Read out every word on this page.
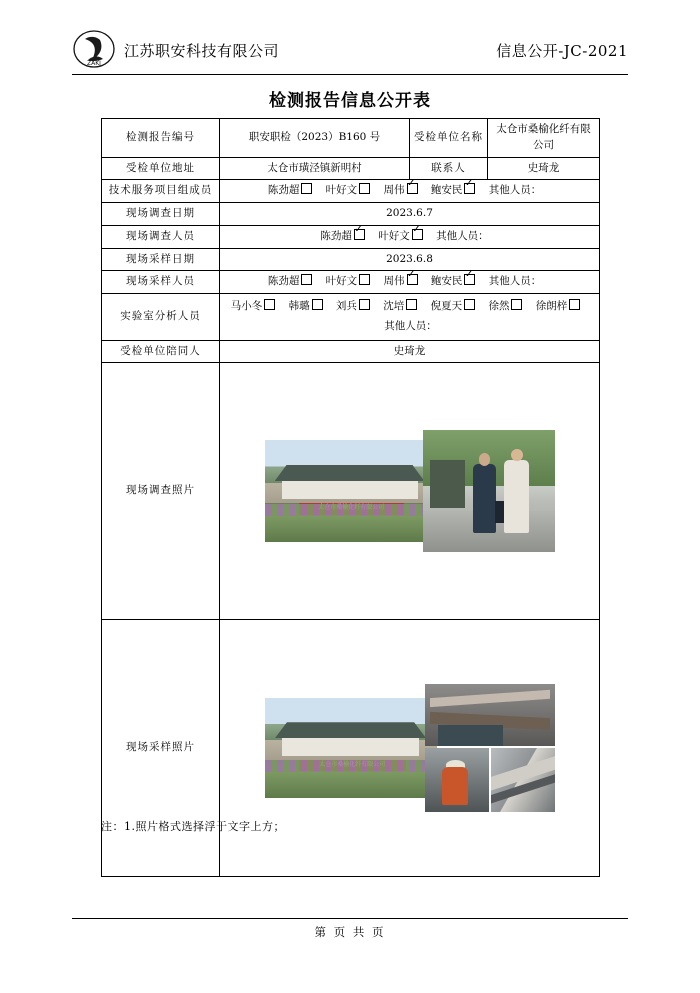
ZAKJ
江苏职安科技有限公司	信息公开-JC-2021
检测报告信息公开表
检测报告编号	职安职检（2023）B160 号	受检单位名称	太仓市桑榆化纤有限公司
受检单位地址	太仓市璜泾镇新明村	联系人	史琦龙
技术服务项目组成员	陈劲超 叶好文 周伟 ✓ 鲍安民 ✓ 其他人员：
现场调查日期	2023.6.7		
现场调查人员	陈劲超 ✓ 叶好文 ✓ 其他人员：
现场采样日期	2023.6.8		
现场采样人员	陈劲超 叶好文 周伟 ✓ 鲍安民 ✓ 其他人员：
实验室分析人员	马小冬 韩璐 刘兵 沈培 倪夏天 徐然 徐朗梓
其他人员：		

受检单位陪同人	史琦龙		
现场调查照片	

现场采样照片	
注：1.照片格式选择浮于文字上方；
第 页 共 页
